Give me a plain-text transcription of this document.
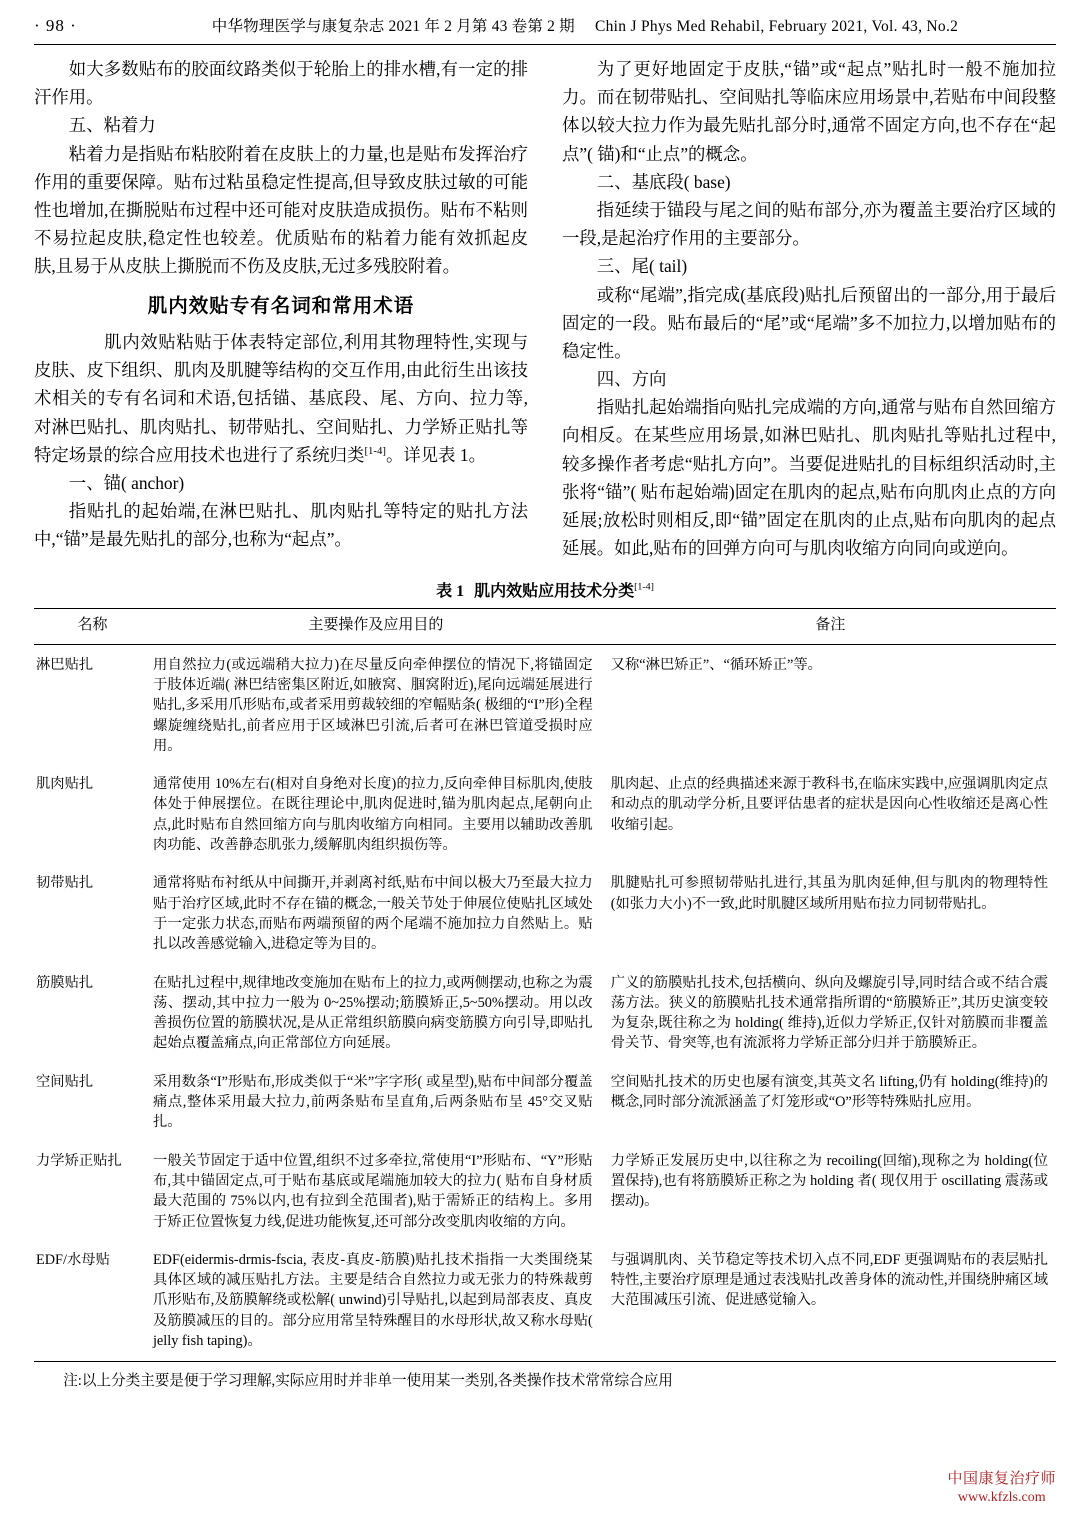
· 98 ·	中华物理医学与康复杂志 2021 年 2 月第 43 卷第 2 期 Chin J Phys Med Rehabil, February 2021, Vol. 43, No.2

如大多数贴布的胶面纹路类似于轮胎上的排水槽,有一定的排汗作用。

五、粘着力

粘着力是指贴布粘胶附着在皮肤上的力量,也是贴布发挥治疗作用的重要保障。贴布过粘虽稳定性提高,但导致皮肤过敏的可能性也增加,在撕脱贴布过程中还可能对皮肤造成损伤。贴布不粘则不易拉起皮肤,稳定性也较差。优质贴布的粘着力能有效抓起皮肤,且易于从皮肤上撕脱而不伤及皮肤,无过多残胶附着。

肌内效贴专有名词和常用术语

肌内效贴粘贴于体表特定部位,利用其物理特性,实现与皮肤、皮下组织、肌肉及肌腱等结构的交互作用,由此衍生出该技术相关的专有名词和术语,包括锚、基底段、尾、方向、拉力等,对淋巴贴扎、肌肉贴扎、韧带贴扎、空间贴扎、力学矫正贴扎等特定场景的综合应用技术也进行了系统归类[1-4]。详见表 1。

一、锚( anchor)

指贴扎的起始端,在淋巴贴扎、肌肉贴扎等特定的贴扎方法中,“锚”是最先贴扎的部分,也称为“起点”。

为了更好地固定于皮肤,“锚”或“起点”贴扎时一般不施加拉力。而在韧带贴扎、空间贴扎等临床应用场景中,若贴布中间段整体以较大拉力作为最先贴扎部分时,通常不固定方向,也不存在“起点”( 锚)和“止点”的概念。

二、基底段( base)

指延续于锚段与尾之间的贴布部分,亦为覆盖主要治疗区域的一段,是起治疗作用的主要部分。

三、尾( tail)

或称“尾端”,指完成(基底段)贴扎后预留出的一部分,用于最后固定的一段。贴布最后的“尾”或“尾端”多不加拉力,以增加贴布的稳定性。

四、方向

指贴扎起始端指向贴扎完成端的方向,通常与贴布自然回缩方向相反。在某些应用场景,如淋巴贴扎、肌肉贴扎等贴扎过程中,较多操作者考虑“贴扎方向”。当要促进贴扎的目标组织活动时,主张将“锚”( 贴布起始端)固定在肌肉的起点,贴布向肌肉止点的方向延展;放松时则相反,即“锚”固定在肌肉的止点,贴布向肌肉的起点延展。如此,贴布的回弹方向可与肌肉收缩方向同向或逆向。

表 1 肌内效贴应用技术分类[1-4]
名称	主要操作及应用目的	备注
淋巴贴扎	用自然拉力(或远端稍大拉力)在尽量反向牵伸摆位的情况下,将锚固定于肢体近端( 淋巴结密集区附近,如腋窝、腘窝附近),尾向远端延展进行贴扎,多采用爪形贴布,或者采用剪裁较细的窄幅贴条( 极细的“I”形)全程螺旋缠绕贴扎,前者应用于区域淋巴引流,后者可在淋巴管道受损时应用。	又称“淋巴矫正”、“循环矫正”等。
肌肉贴扎	通常使用 10%左右(相对自身绝对长度)的拉力,反向牵伸目标肌肉,使肢体处于伸展摆位。在既往理论中,肌肉促进时,锚为肌肉起点,尾朝向止点,此时贴布自然回缩方向与肌肉收缩方向相同。主要用以辅助改善肌肉功能、改善静态肌张力,缓解肌肉组织损伤等。	肌肉起、止点的经典描述来源于教科书,在临床实践中,应强调肌肉定点和动点的肌动学分析,且要评估患者的症状是因向心性收缩还是离心性收缩引起。
韧带贴扎	通常将贴布衬纸从中间撕开,并剥离衬纸,贴布中间以极大乃至最大拉力贴于治疗区域,此时不存在锚的概念,一般关节处于伸展位使贴扎区域处于一定张力状态,而贴布两端预留的两个尾端不施加拉力自然贴上。贴扎以改善感觉输入,进稳定等为目的。	肌腱贴扎可参照韧带贴扎进行,其虽为肌肉延伸,但与肌肉的物理特性(如张力大小)不一致,此时肌腱区域所用贴布拉力同韧带贴扎。
筋膜贴扎	在贴扎过程中,规律地改变施加在贴布上的拉力,或两侧摆动,也称之为震荡、摆动,其中拉力一般为 0~25%摆动;筋膜矫正,5~50%摆动。用以改善损伤位置的筋膜状况,是从正常组织筋膜向病变筋膜方向引导,即贴扎起始点覆盖痛点,向正常部位方向延展。	广义的筋膜贴扎技术,包括横向、纵向及螺旋引导,同时结合或不结合震荡方法。狭义的筋膜贴扎技术通常指所谓的“筋膜矫正”,其历史演变较为复杂,既往称之为 holding( 维持),近似力学矫正,仅针对筋膜而非覆盖骨关节、骨突等,也有流派将力学矫正部分归并于筋膜矫正。
空间贴扎	采用数条“I”形贴布,形成类似于“米”字字形( 或星型),贴布中间部分覆盖痛点,整体采用最大拉力,前两条贴布呈直角,后两条贴布呈 45°交叉贴扎。	空间贴扎技术的历史也屡有演变,其英文名 lifting,仍有 holding(维持)的概念,同时部分流派涵盖了灯笼形或“O”形等特殊贴扎应用。
力学矫正贴扎	一般关节固定于适中位置,组织不过多牵拉,常使用“I”形贴布、“Y”形贴布,其中锚固定点,可于贴布基底或尾端施加较大的拉力( 贴布自身材质最大范围的 75%以内,也有拉到全范围者),贴于需矫正的结构上。多用于矫正位置恢复力线,促进功能恢复,还可部分改变肌肉收缩的方向。	力学矫正发展历史中,以往称之为 recoiling(回缩),现称之为 holding(位置保持),也有将筋膜矫正称之为 holding 者( 现仅用于 oscillating 震荡或摆动)。
EDF/水母贴	EDF(eidermis-drmis-fscia, 表皮-真皮-筋膜)贴扎技术指指一大类围绕某具体区域的减压贴扎方法。主要是结合自然拉力或无张力的特殊裁剪爪形贴布,及筋膜解绕或松解( unwind)引导贴扎,以起到局部表皮、真皮及筋膜减压的目的。部分应用常呈特殊醒目的水母形状,故又称水母贴( jelly fish taping)。	与强调肌肉、关节稳定等技术切入点不同,EDF 更强调贴布的表层贴扎特性,主要治疗原理是通过表浅贴扎改善身体的流动性,并围绕肿痛区域大范围减压引流、促进感觉输入。
注:以上分类主要是便于学习理解,实际应用时并非单一使用某一类别,各类操作技术常常综合应用
中国康复治疗师
www.kfzls.com
